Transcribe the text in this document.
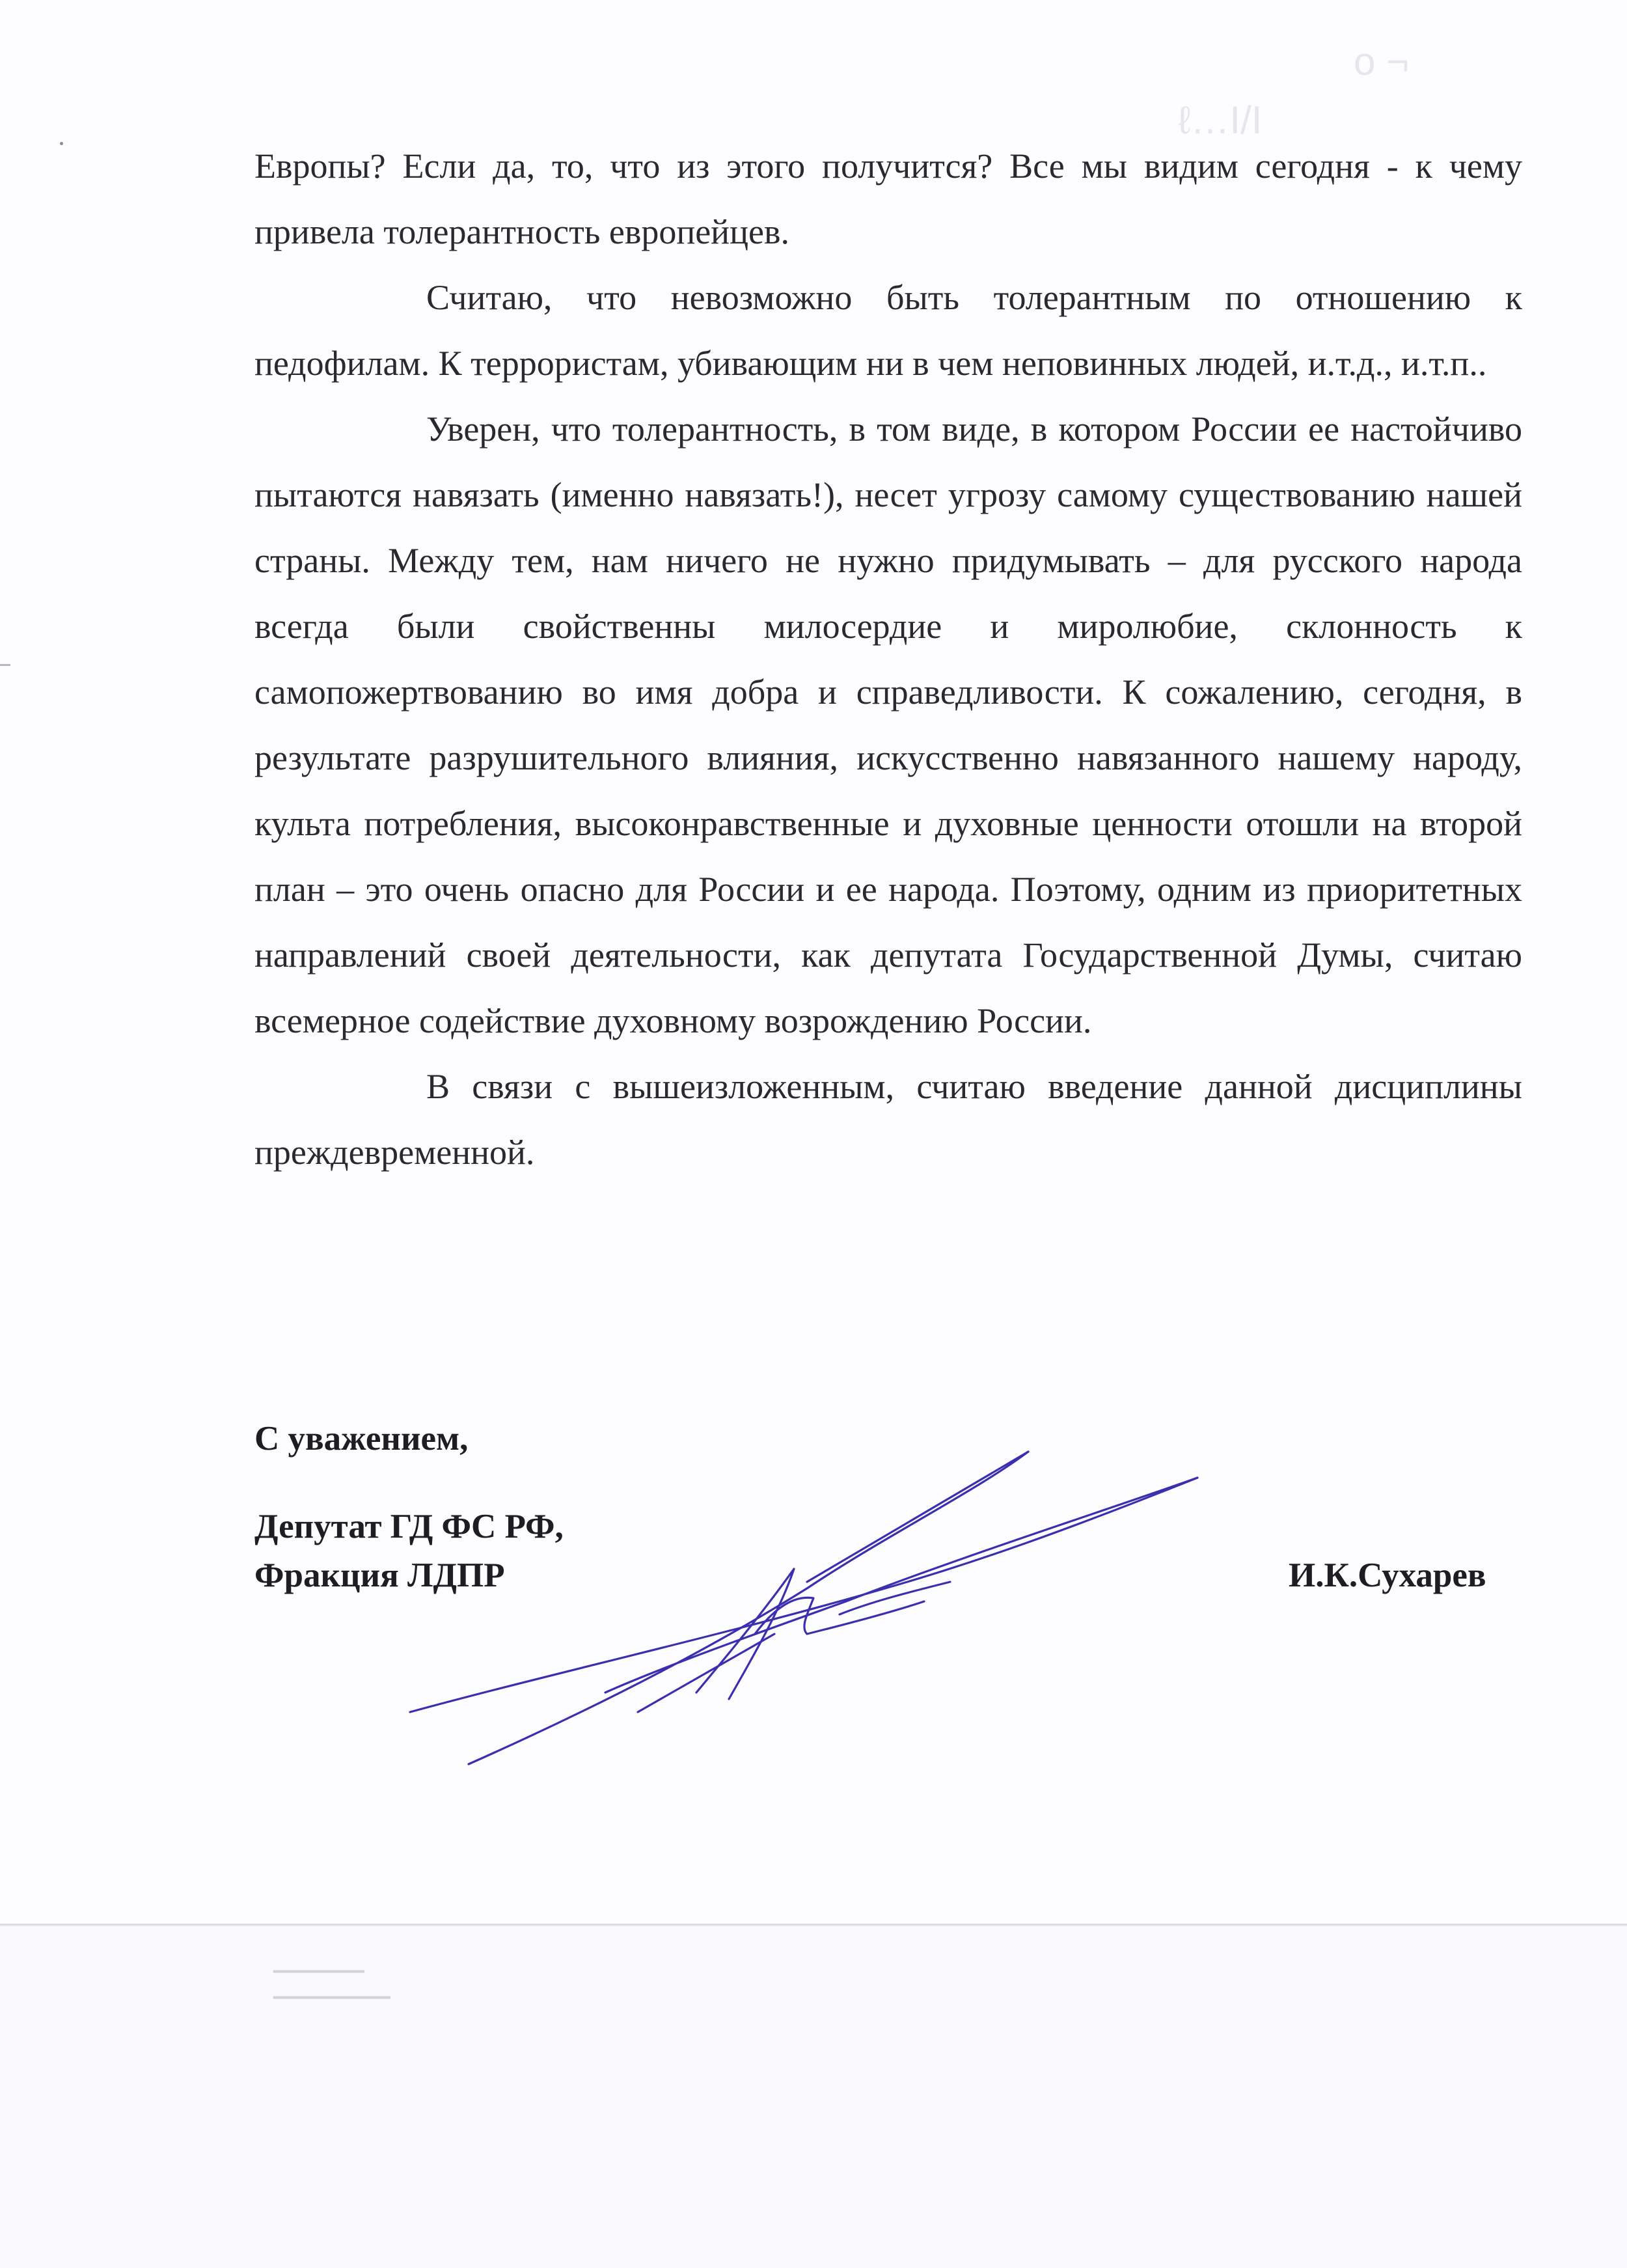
ℓ…Ι/Ι
о ¬

Европы? Если да, то, что из этого получится? Все мы видим сегодня - к чему привела толерантность европейцев.

Считаю, что невозможно быть толерантным по отношению к педофилам. К террористам, убивающим ни в чем неповинных людей, и.т.д., и.т.п..

Уверен, что толерантность, в том виде, в котором России ее настойчиво пытаются навязать (именно навязать!), несет угрозу самому существованию нашей страны. Между тем, нам ничего не нужно придумывать – для русского народа всегда были свойственны милосердие и миролюбие, склонность к самопожертвованию во имя добра и справедливости. К сожалению, сегодня, в результате разрушительного влияния, искусственно навязанного нашему народу, культа потребления, высоконравственные и духовные ценности отошли на второй план – это очень опасно для России и ее народа. Поэтому, одним из приоритетных направлений своей деятельности, как депутата Государственной Думы, считаю всемерное содействие духовному возрождению России.

В связи с вышеизложенным, считаю введение данной дисциплины преждевременной.

С уважением,
Депутат ГД ФС РФ,
Фракция ЛДПР	И.К.Сухарев
▁▁▁▁▁▁▁
▁▁▁▁▁▁▁▁▁
